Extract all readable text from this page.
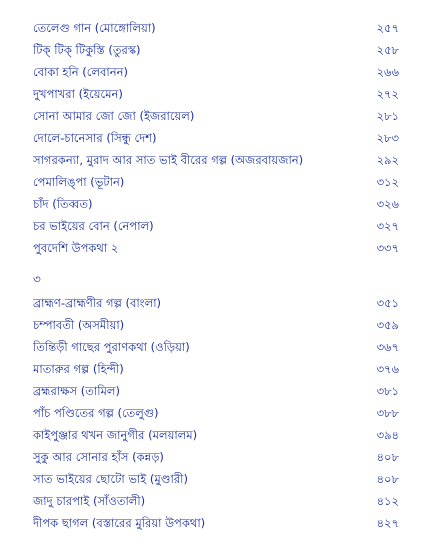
তেলেগু গান (মোঙ্গোলিয়া)	২৫৭
টিক্ টিক্ টিকুস্তি (তুরস্ক)	২৫৮
বোকা হনি (লেবানন)	২৬৬
দুখপাখরা (ইয়েমেন)	২৭২
সোনা আমার জো জো (ইজরায়েল)	২৮১
দোলে-চানেসার (সিন্ধু দেশ)	২৮৩
সাগরকন্যা, মুরাদ আর সাত ভাই বীরের গল্প (অজরবায়জান)	২৯২
পেমালিঙ্পা (ভূটান)	৩১২
চাঁদ (তিব্বত)	৩২৬
চর ভাইয়ের বোন (নেপাল)	৩২৭
পুবদেশি উপকথা ২	৩৩৭
৩
ব্রাহ্মণ-ব্রাহ্মণীর গল্প (বাংলা)	৩৫১
চম্পাবতী (অসমীয়া)	৩৫৯
তিন্তিড়ী গাছের পুরাণকথা (ওড়িয়া)	৩৬৭
মাতারুর গল্প (হিন্দী)	৩৭৬
ব্রহ্মরাক্ষস (তামিল)	৩৮১
পাঁচ পণ্ডিতের গল্প (তেলুগু)	৩৮৮
কাইপুঞ্জার থখন জানুগীর (মলয়ালম)	৩৯৪
সুকু আর সোনার হাঁস (কন্নড়)	৪০৮
সাত ভাইয়ের ছোটো ভাই (মুণ্ডারী)	৪০৮
জাদু চারপাই (সাঁওতালী)	৪১২
দীপক ছাগল (বস্তারের মুরিয়া উপকথা)	৪২৭
